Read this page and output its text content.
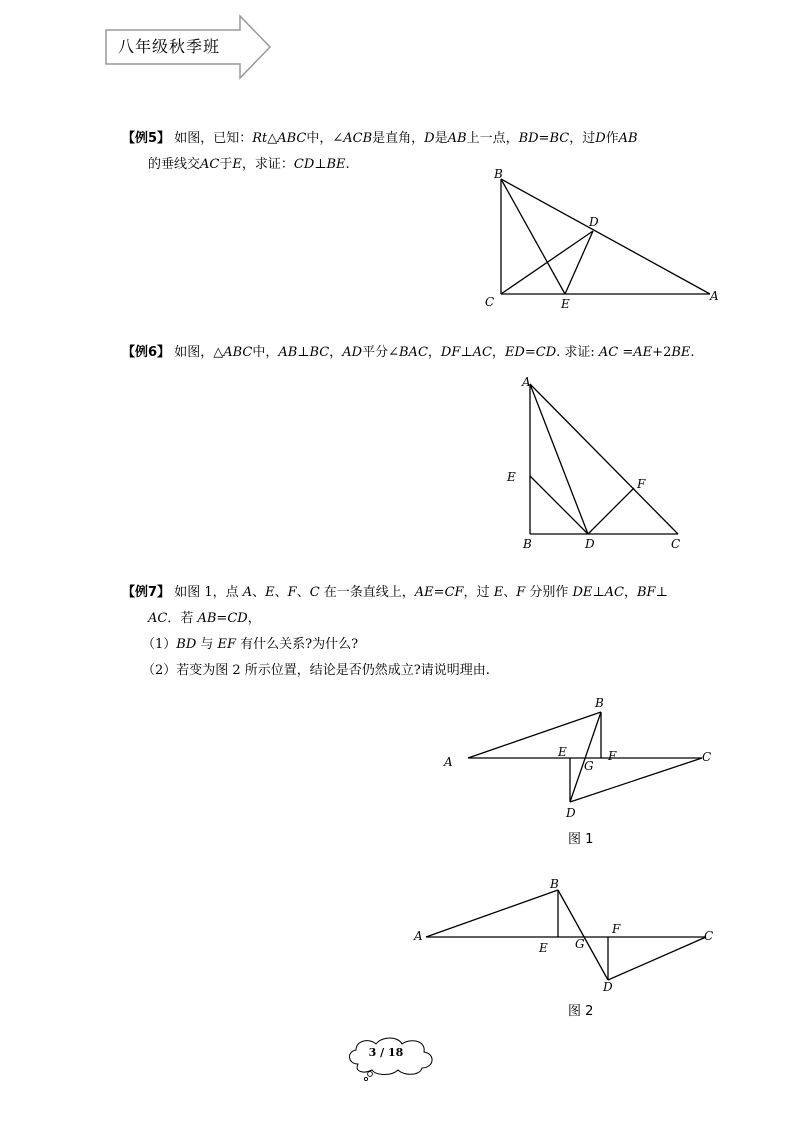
八年级秋季班
【例5】 如图，已知：Rt△ABC中，∠ACB是直角，D是AB上一点，BD=BC，过D作AB
的垂线交AC于E，求证：CD⊥BE.
B
D
C	E
A
【例6】 如图，△ABC中，AB⊥BC，AD平分∠BAC，DF⊥AC，ED=CD. 求证: AC =AE+2BE.
A
E	F
B	D	C
【例7】 如图 1，点 A、E、F、C 在一条直线上，AE=CF，过 E、F 分别作 DE⊥AC，BF⊥
AC．若 AB=CD，
（1）BD 与 EF 有什么关系?为什么?
（2）若变为图 2 所示位置，结论是否仍然成立?请说明理由.
B
E	F
A	G
C
D
图 1
B
F
A
E G
C
D
图 2
3 / 18
